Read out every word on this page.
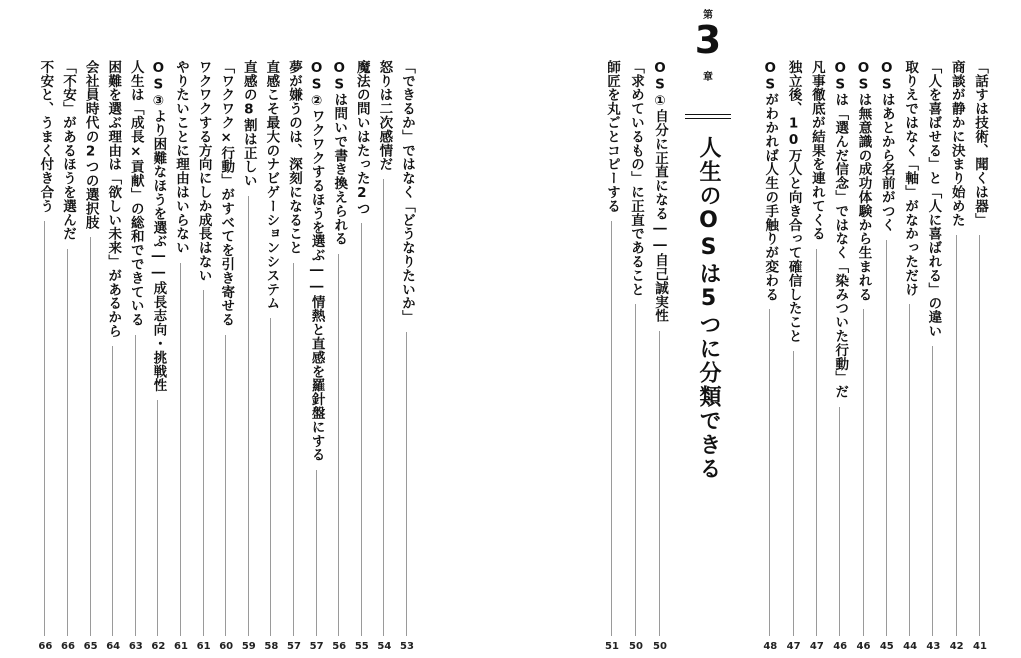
「話すは技術、聞くは器」
41
商談が静かに決まり始めた
42
「人を喜ばせる」と「人に喜ばれる」の違い
43
取りえではなく「軸」がなかっただけ
44
OSはあとから名前がつく
45
OSは無意識の成功体験から生まれる
46
OSは「選んだ信念」ではなく「染みついた行動」だ
46
凡事徹底が結果を連れてくる
47
独立後、10万人と向き合って確信したこと
47
OSがわかれば人生の手触りが変わる
48
第
3
章
人生のOSは5つに分類できる
OS①自分に正直になる――自己誠実性
50
「求めているもの」に正直であること
50
師匠を丸ごとコピーする
51
「できるか」ではなく「どうなりたいか」
53
怒りは二次感情だ
54
魔法の問いはたった2つ
55
OSは問いで書き換えられる
56
OS②ワクワクするほうを選ぶ――情熱と直感を羅針盤にする
57
夢が嫌うのは、深刻になること
57
直感こそ最大のナビゲーションシステム
58
直感の8割は正しい
59
「ワクワク×行動」がすべてを引き寄せる
60
ワクワクする方向にしか成長はない
61
やりたいことに理由はいらない
61
OS③より困難なほうを選ぶ――成長志向・挑戦性
62
人生は「成長×貢献」の総和でできている
63
困難を選ぶ理由は「欲しい未来」があるから
64
会社員時代の2つの選択肢
65
「不安」があるほうを選んだ
66
不安と、うまく付き合う
66
